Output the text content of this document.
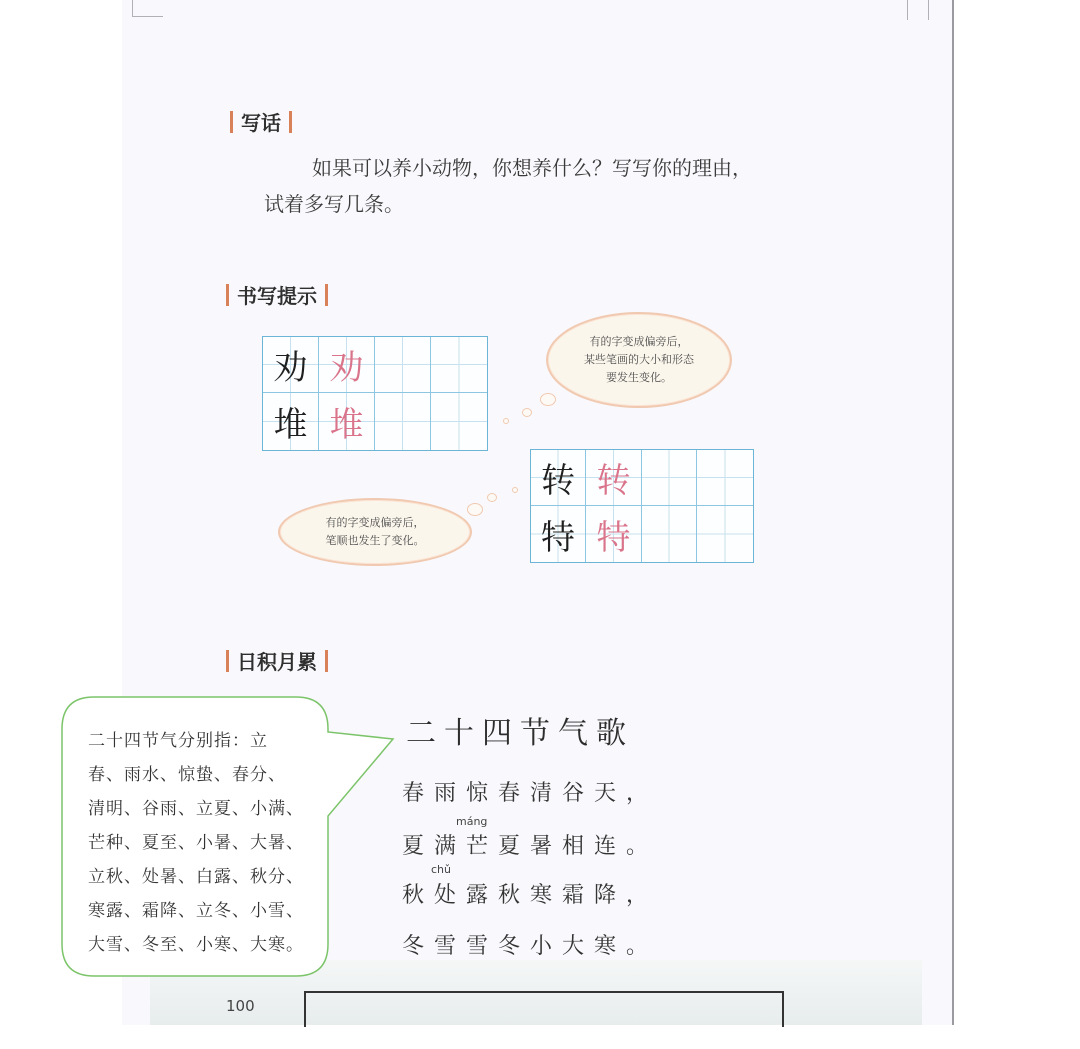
写话
如果可以养小动物，你想养什么？写写你的理由，
试着多写几条。
书写提示
劝 劝
堆 堆
有的字变成偏旁后，
某些笔画的大小和形态
要发生变化。
转 转
特 特
有的字变成偏旁后，
笔顺也发生了变化。
日积月累
二十四节气歌
春雨惊春清谷天，
máng
夏满芒夏暑相连。
chǔ
秋处露秋寒霜降，
冬雪雪冬小大寒。
100
二十四节气分别指：立
春、雨水、惊蛰、春分、
清明、谷雨、立夏、小满、
芒种、夏至、小暑、大暑、
立秋、处暑、白露、秋分、
寒露、霜降、立冬、小雪、
大雪、冬至、小寒、大寒。
